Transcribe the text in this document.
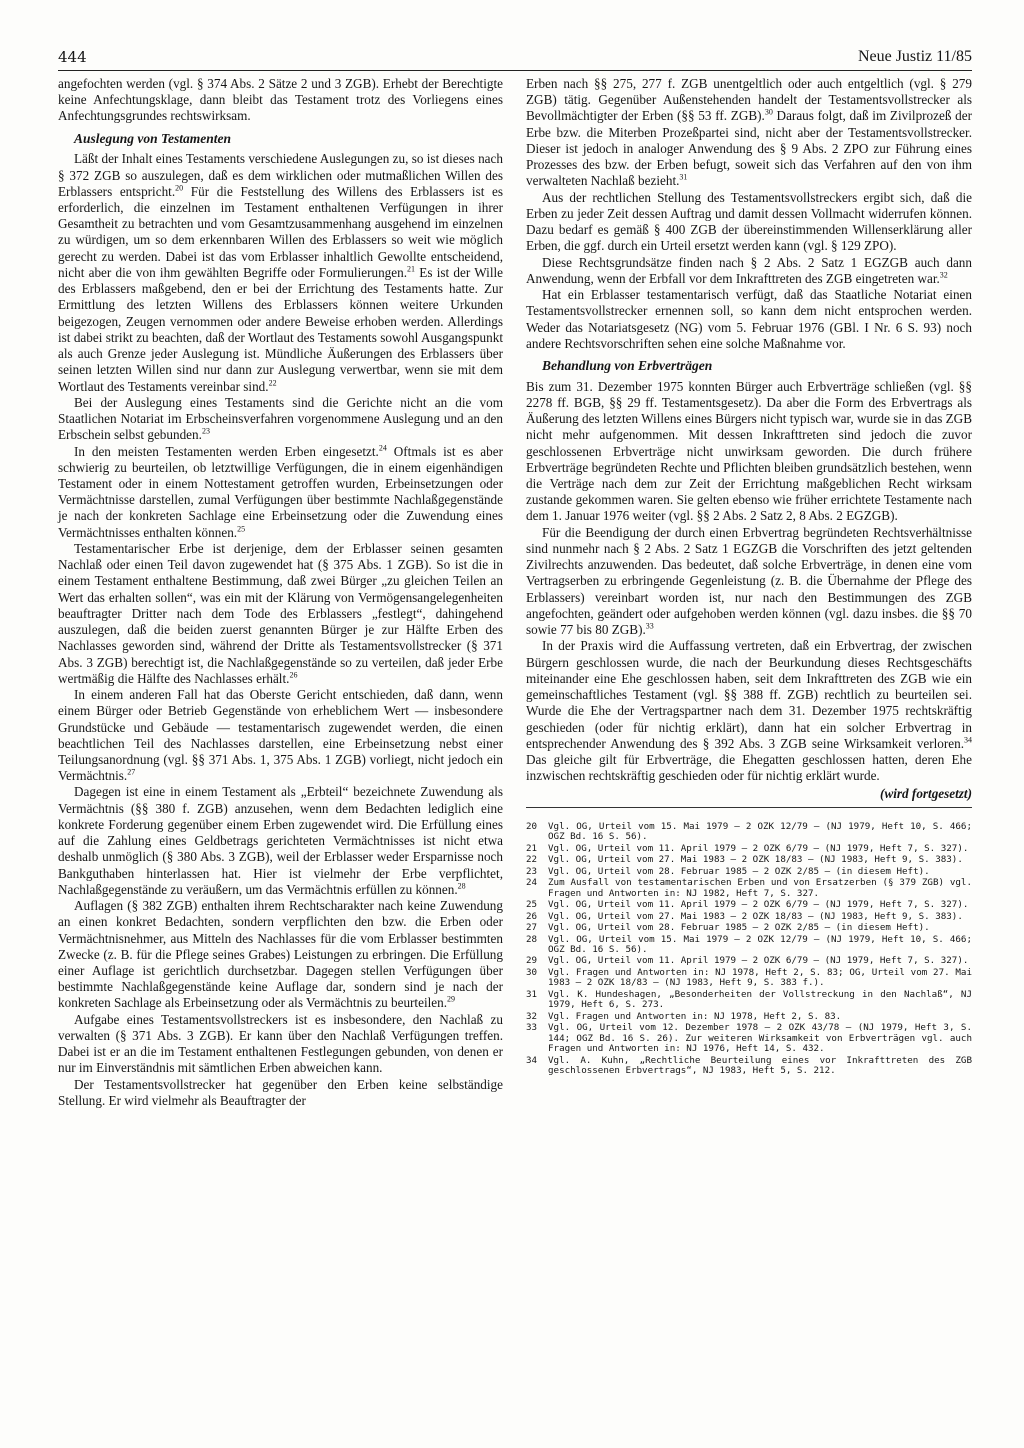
444	Neue Justiz 11/85

angefochten werden (vgl. § 374 Abs. 2 Sätze 2 und 3 ZGB). Erhebt der Berechtigte keine Anfechtungsklage, dann bleibt das Testament trotz des Vorliegens eines Anfechtungsgrundes rechtswirksam.

Auslegung von Testamenten

Läßt der Inhalt eines Testaments verschiedene Auslegungen zu, so ist dieses nach § 372 ZGB so auszulegen, daß es dem wirklichen oder mutmaßlichen Willen des Erblassers entspricht.$^{20}$ Für die Feststellung des Willens des Erblassers ist es erforderlich, die einzelnen im Testament enthaltenen Verfügungen in ihrer Gesamtheit zu betrachten und vom Gesamtzusammenhang ausgehend im einzelnen zu würdigen, um so dem erkennbaren Willen des Erblassers so weit wie möglich gerecht zu werden. Dabei ist das vom Erblasser inhaltlich Gewollte entscheidend, nicht aber die von ihm gewählten Begriffe oder Formulierungen.$^{21}$ Es ist der Wille des Erblassers maßgebend, den er bei der Errichtung des Testaments hatte. Zur Ermittlung des letzten Willens des Erblassers können weitere Urkunden beigezogen, Zeugen vernommen oder andere Beweise erhoben werden. Allerdings ist dabei strikt zu beachten, daß der Wortlaut des Testaments sowohl Ausgangspunkt als auch Grenze jeder Auslegung ist. Mündliche Äußerungen des Erblassers über seinen letzten Willen sind nur dann zur Auslegung verwertbar, wenn sie mit dem Wortlaut des Testaments vereinbar sind.$^{22}$

Bei der Auslegung eines Testaments sind die Gerichte nicht an die vom Staatlichen Notariat im Erbscheinsverfahren vorgenommene Auslegung und an den Erbschein selbst gebunden.$^{23}$

In den meisten Testamenten werden Erben eingesetzt.$^{24}$ Oftmals ist es aber schwierig zu beurteilen, ob letztwillige Verfügungen, die in einem eigenhändigen Testament oder in einem Nottestament getroffen wurden, Erbeinsetzungen oder Vermächtnisse darstellen, zumal Verfügungen über bestimmte Nachlaßgegenstände je nach der konkreten Sachlage eine Erbeinsetzung oder die Zuwendung eines Vermächtnisses enthalten können.$^{25}$

Testamentarischer Erbe ist derjenige, dem der Erblasser seinen gesamten Nachlaß oder einen Teil davon zugewendet hat (§ 375 Abs. 1 ZGB). So ist die in einem Testament enthaltene Bestimmung, daß zwei Bürger „zu gleichen Teilen an Wert das erhalten sollen“, was ein mit der Klärung von Vermögensangelegenheiten beauftragter Dritter nach dem Tode des Erblassers „festlegt“, dahingehend auszulegen, daß die beiden zuerst genannten Bürger je zur Hälfte Erben des Nachlasses geworden sind, während der Dritte als Testamentsvollstrecker (§ 371 Abs. 3 ZGB) berechtigt ist, die Nachlaßgegenstände so zu verteilen, daß jeder Erbe wertmäßig die Hälfte des Nachlasses erhält.$^{26}$

In einem anderen Fall hat das Oberste Gericht entschieden, daß dann, wenn einem Bürger oder Betrieb Gegenstände von erheblichem Wert — insbesondere Grundstücke und Gebäude — testamentarisch zugewendet werden, die einen beachtlichen Teil des Nachlasses darstellen, eine Erbeinsetzung nebst einer Teilungsanordnung (vgl. §§ 371 Abs. 1, 375 Abs. 1 ZGB) vorliegt, nicht jedoch ein Vermächtnis.$^{27}$

Dagegen ist eine in einem Testament als „Erbteil“ bezeichnete Zuwendung als Vermächtnis (§§ 380 f. ZGB) anzusehen, wenn dem Bedachten lediglich eine konkrete Forderung gegenüber einem Erben zugewendet wird. Die Erfüllung eines auf die Zahlung eines Geldbetrags gerichteten Vermächtnisses ist nicht etwa deshalb unmöglich (§ 380 Abs. 3 ZGB), weil der Erblasser weder Ersparnisse noch Bankguthaben hinterlassen hat. Hier ist vielmehr der Erbe verpflichtet, Nachlaßgegenstände zu veräußern, um das Vermächtnis erfüllen zu können.$^{28}$

Auflagen (§ 382 ZGB) enthalten ihrem Rechtscharakter nach keine Zuwendung an einen konkret Bedachten, sondern verpflichten den bzw. die Erben oder Vermächtnisnehmer, aus Mitteln des Nachlasses für die vom Erblasser bestimmten Zwecke (z. B. für die Pflege seines Grabes) Leistungen zu erbringen. Die Erfüllung einer Auflage ist gerichtlich durchsetzbar. Dagegen stellen Verfügungen über bestimmte Nachlaßgegenstände keine Auflage dar, sondern sind je nach der konkreten Sachlage als Erbeinsetzung oder als Vermächtnis zu beurteilen.$^{29}$

Aufgabe eines Testamentsvollstreckers ist es insbesondere, den Nachlaß zu verwalten (§ 371 Abs. 3 ZGB). Er kann über den Nachlaß Verfügungen treffen. Dabei ist er an die im Testament enthaltenen Festlegungen gebunden, von denen er nur im Einverständnis mit sämtlichen Erben abweichen kann.

Der Testamentsvollstrecker hat gegenüber den Erben keine selbständige Stellung. Er wird vielmehr als Beauftragter der

Erben nach §§ 275, 277 f. ZGB unentgeltlich oder auch entgeltlich (vgl. § 279 ZGB) tätig. Gegenüber Außenstehenden handelt der Testamentsvollstrecker als Bevollmächtigter der Erben (§§ 53 ff. ZGB).$^{30}$ Daraus folgt, daß im Zivilprozeß der Erbe bzw. die Miterben Prozeßpartei sind, nicht aber der Testamentsvollstrecker. Dieser ist jedoch in analoger Anwendung des § 9 Abs. 2 ZPO zur Führung eines Prozesses des bzw. der Erben befugt, soweit sich das Verfahren auf den von ihm verwalteten Nachlaß bezieht.$^{31}$

Aus der rechtlichen Stellung des Testamentsvollstreckers ergibt sich, daß die Erben zu jeder Zeit dessen Auftrag und damit dessen Vollmacht widerrufen können. Dazu bedarf es gemäß § 400 ZGB der übereinstimmenden Willenserklärung aller Erben, die ggf. durch ein Urteil ersetzt werden kann (vgl. § 129 ZPO).

Diese Rechtsgrundsätze finden nach § 2 Abs. 2 Satz 1 EGZGB auch dann Anwendung, wenn der Erbfall vor dem Inkrafttreten des ZGB eingetreten war.$^{32}$

Hat ein Erblasser testamentarisch verfügt, daß das Staatliche Notariat einen Testamentsvollstrecker ernennen soll, so kann dem nicht entsprochen werden. Weder das Notariatsgesetz (NG) vom 5. Februar 1976 (GBl. I Nr. 6 S. 93) noch andere Rechtsvorschriften sehen eine solche Maßnahme vor.

Behandlung von Erbverträgen

Bis zum 31. Dezember 1975 konnten Bürger auch Erbverträge schließen (vgl. §§ 2278 ff. BGB, §§ 29 ff. Testamentsgesetz). Da aber die Form des Erbvertrags als Äußerung des letzten Willens eines Bürgers nicht typisch war, wurde sie in das ZGB nicht mehr aufgenommen. Mit dessen Inkrafttreten sind jedoch die zuvor geschlossenen Erbverträge nicht unwirksam geworden. Die durch frühere Erbverträge begründeten Rechte und Pflichten bleiben grundsätzlich bestehen, wenn die Verträge nach dem zur Zeit der Errichtung maßgeblichen Recht wirksam zustande gekommen waren. Sie gelten ebenso wie früher errichtete Testamente nach dem 1. Januar 1976 weiter (vgl. §§ 2 Abs. 2 Satz 2, 8 Abs. 2 EGZGB).

Für die Beendigung der durch einen Erbvertrag begründeten Rechtsverhältnisse sind nunmehr nach § 2 Abs. 2 Satz 1 EGZGB die Vorschriften des jetzt geltenden Zivilrechts anzuwenden. Das bedeutet, daß solche Erbverträge, in denen eine vom Vertragserben zu erbringende Gegenleistung (z. B. die Übernahme der Pflege des Erblassers) vereinbart worden ist, nur nach den Bestimmungen des ZGB angefochten, geändert oder aufgehoben werden können (vgl. dazu insbes. die §§ 70 sowie 77 bis 80 ZGB).$^{33}$

In der Praxis wird die Auffassung vertreten, daß ein Erbvertrag, der zwischen Bürgern geschlossen wurde, die nach der Beurkundung dieses Rechtsgeschäfts miteinander eine Ehe geschlossen haben, seit dem Inkrafttreten des ZGB wie ein gemeinschaftliches Testament (vgl. §§ 388 ff. ZGB) rechtlich zu beurteilen sei. Wurde die Ehe der Vertragspartner nach dem 31. Dezember 1975 rechtskräftig geschieden (oder für nichtig erklärt), dann hat ein solcher Erbvertrag in entsprechender Anwendung des § 392 Abs. 3 ZGB seine Wirksamkeit verloren.$^{34}$ Das gleiche gilt für Erbverträge, die Ehegatten geschlossen hatten, deren Ehe inzwischen rechtskräftig geschieden oder für nichtig erklärt wurde.

(wird fortgesetzt)
20	Vgl. OG, Urteil vom 15. Mai 1979 – 2 OZK 12/79 – (NJ 1979, Heft 10, S. 466; OGZ Bd. 16 S. 56).
21	Vgl. OG, Urteil vom 11. April 1979 – 2 OZK 6/79 – (NJ 1979, Heft 7, S. 327).
22	Vgl. OG, Urteil vom 27. Mai 1983 – 2 OZK 18/83 – (NJ 1983, Heft 9, S. 383).
23	Vgl. OG, Urteil vom 28. Februar 1985 – 2 OZK 2/85 – (in diesem Heft).
24	Zum Ausfall von testamentarischen Erben und von Ersatzerben (§ 379 ZGB) vgl. Fragen und Antworten in: NJ 1982, Heft 7, S. 327.
25	Vgl. OG, Urteil vom 11. April 1979 – 2 OZK 6/79 – (NJ 1979, Heft 7, S. 327).
26	Vgl. OG, Urteil vom 27. Mai 1983 – 2 OZK 18/83 – (NJ 1983, Heft 9, S. 383).
27	Vgl. OG, Urteil vom 28. Februar 1985 – 2 OZK 2/85 – (in diesem Heft).
28	Vgl. OG, Urteil vom 15. Mai 1979 – 2 OZK 12/79 – (NJ 1979, Heft 10, S. 466; OGZ Bd. 16 S. 56).
29	Vgl. OG, Urteil vom 11. April 1979 – 2 OZK 6/79 – (NJ 1979, Heft 7, S. 327).
30	Vgl. Fragen und Antworten in: NJ 1978, Heft 2, S. 83; OG, Urteil vom 27. Mai 1983 – 2 OZK 18/83 – (NJ 1983, Heft 9, S. 383 f.).
31	Vgl. K. Hundeshagen, „Besonderheiten der Vollstreckung in den Nachlaß“, NJ 1979, Heft 6, S. 273.
32	Vgl. Fragen und Antworten in: NJ 1978, Heft 2, S. 83.
33	Vgl. OG, Urteil vom 12. Dezember 1978 – 2 OZK 43/78 – (NJ 1979, Heft 3, S. 144; OGZ Bd. 16 S. 26). Zur weiteren Wirksamkeit von Erbverträgen vgl. auch Fragen und Antworten in: NJ 1976, Heft 14, S. 432.
34	Vgl. A. Kuhn, „Rechtliche Beurteilung eines vor Inkrafttreten des ZGB geschlossenen Erbvertrags“, NJ 1983, Heft 5, S. 212.
